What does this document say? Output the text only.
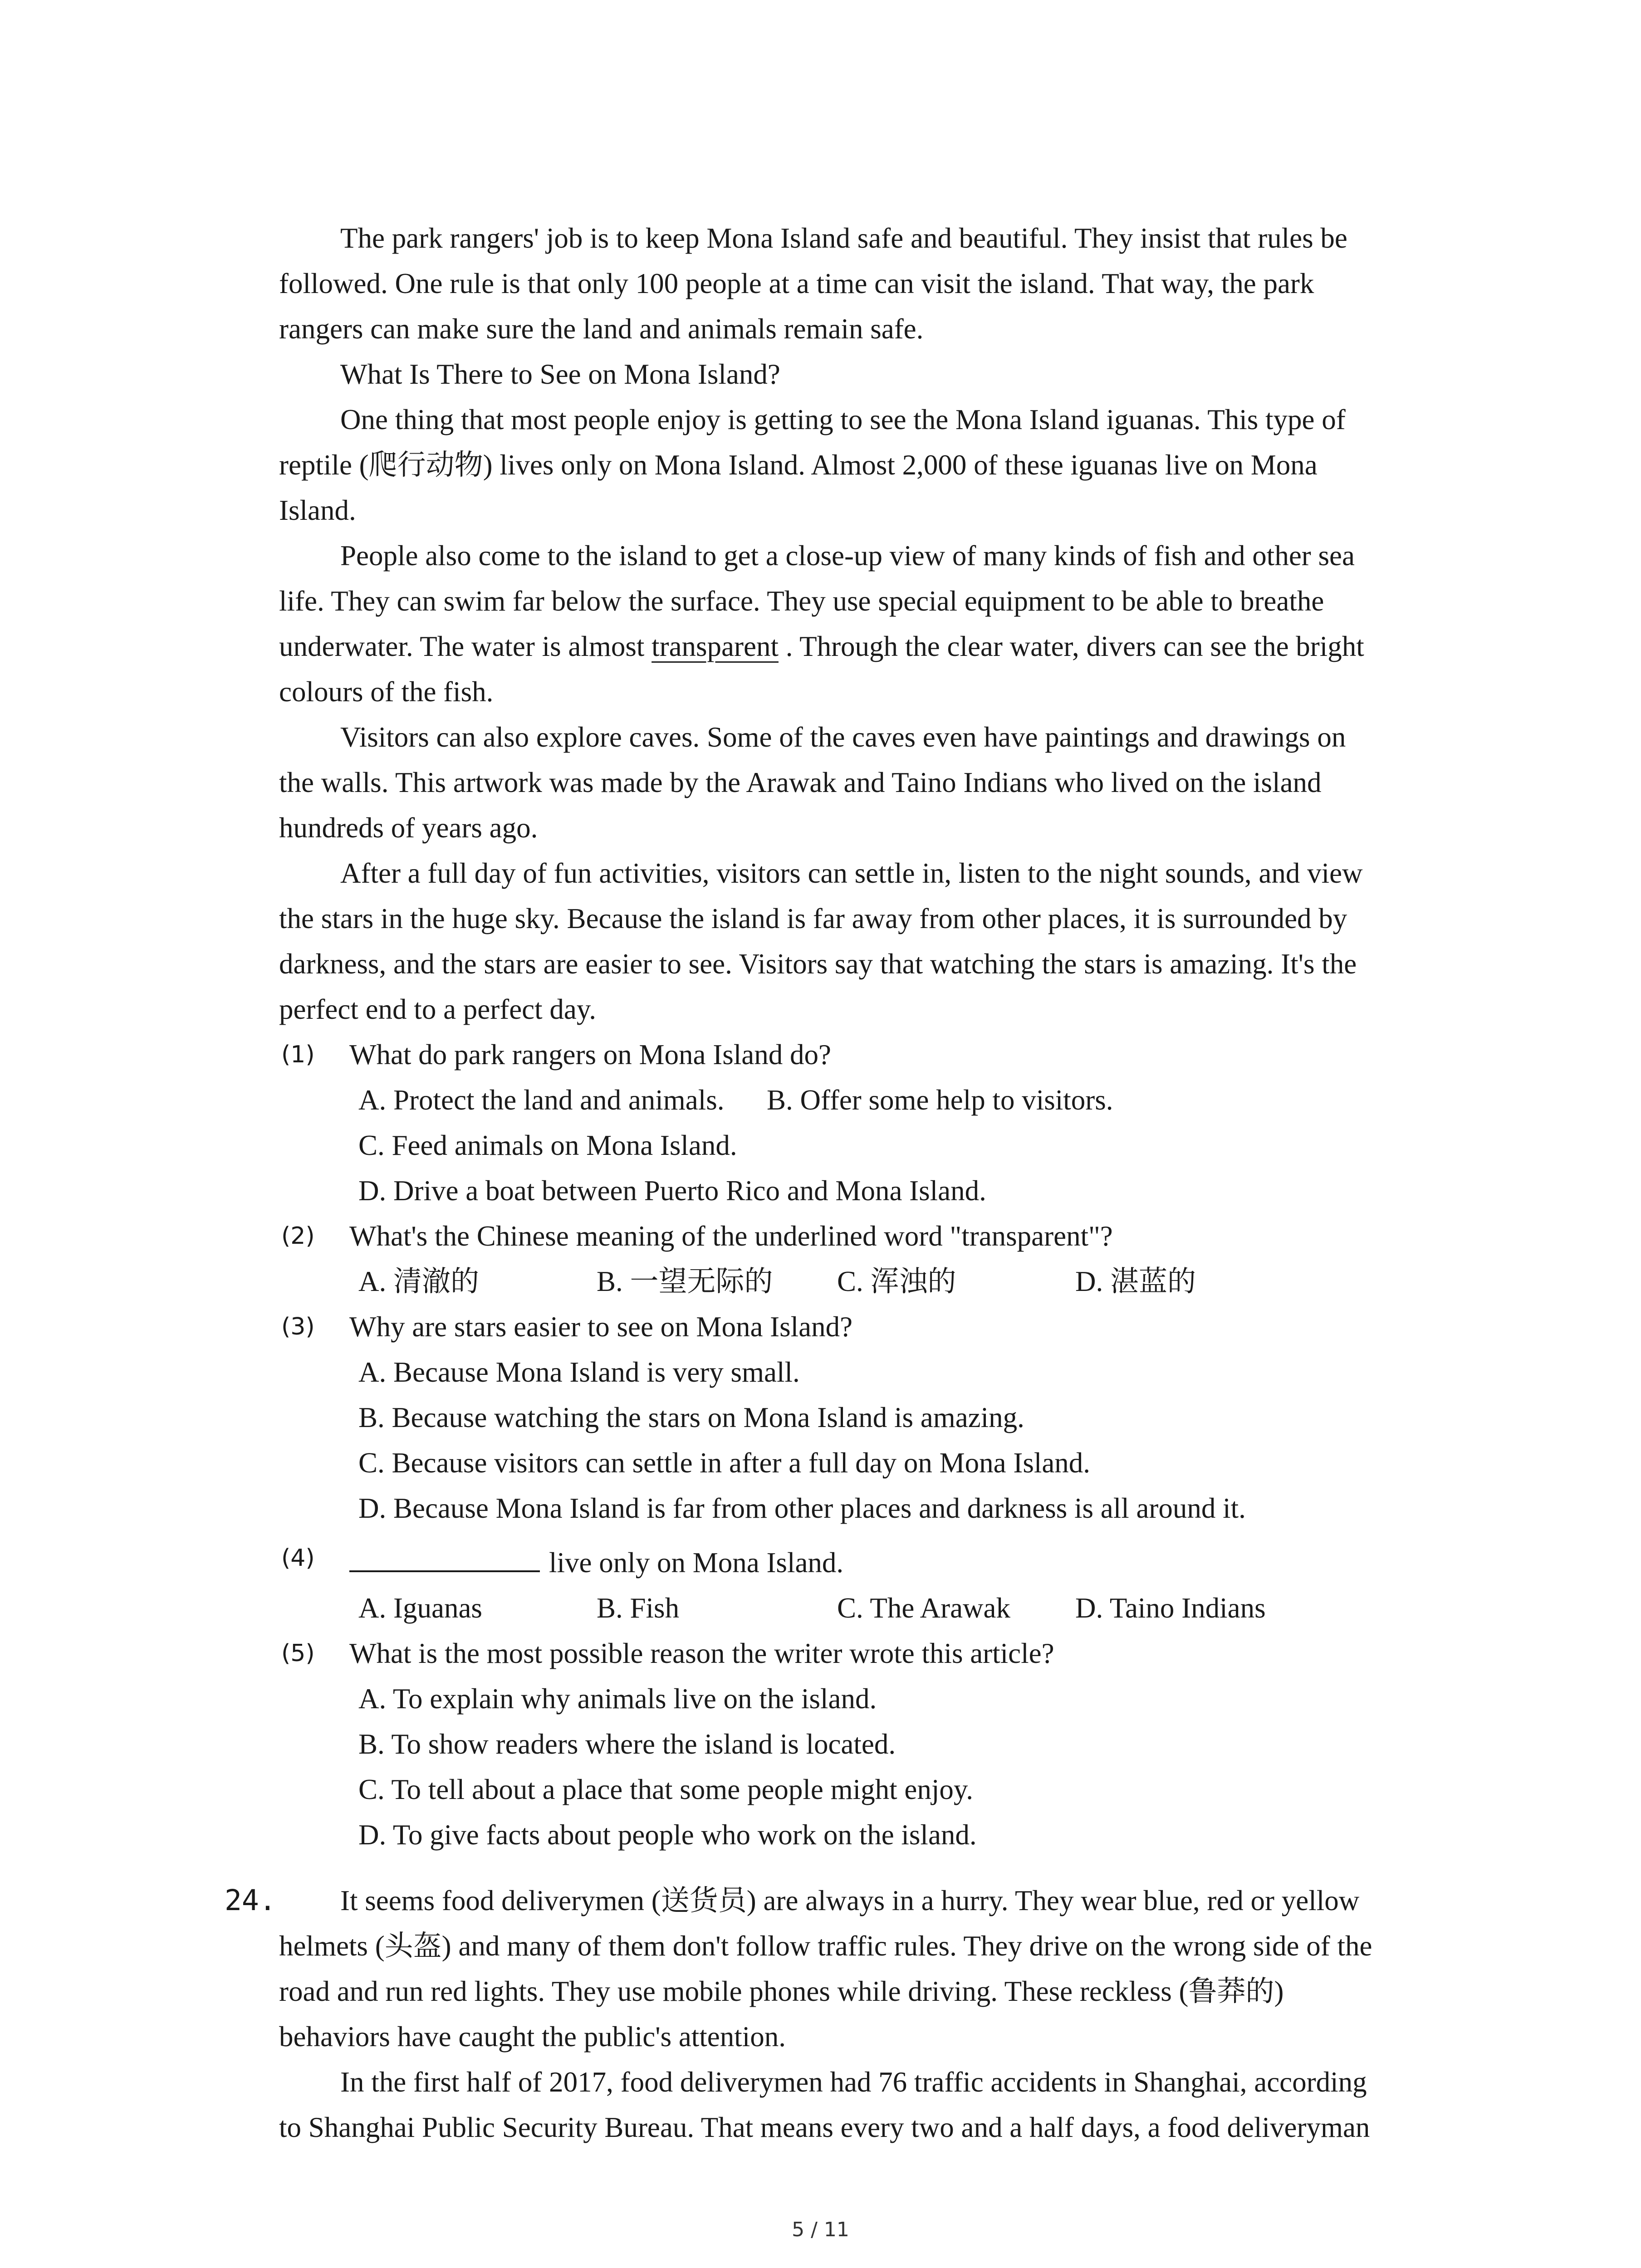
The park rangers' job is to keep Mona Island safe and beautiful. They insist that rules be
followed. One rule is that only 100 people at a time can visit the island. That way, the park
rangers can make sure the land and animals remain safe.
What Is There to See on Mona Island?
One thing that most people enjoy is getting to see the Mona Island iguanas. This type of
reptile (爬行动物) lives only on Mona Island. Almost 2,000 of these iguanas live on Mona
Island.
People also come to the island to get a close-up view of many kinds of fish and other sea
life. They can swim far below the surface. They use special equipment to be able to breathe
underwater. The water is almost transparent . Through the clear water, divers can see the bright
colours of the fish.
Visitors can also explore caves. Some of the caves even have paintings and drawings on
the walls. This artwork was made by the Arawak and Taino Indians who lived on the island
hundreds of years ago.
After a full day of fun activities, visitors can settle in, listen to the night sounds, and view
the stars in the huge sky. Because the island is far away from other places, it is surrounded by
darkness, and the stars are easier to see. Visitors say that watching the stars is amazing. It's the
perfect end to a perfect day.
(1) What do park rangers on Mona Island do?
A. Protect the land and animals. B. Offer some help to visitors.
C. Feed animals on Mona Island.
D. Drive a boat between Puerto Rico and Mona Island.
(2) What's the Chinese meaning of the underlined word "transparent"?
A. 清澈的	B. 一望无际的 C. 浑浊的	D. 湛蓝的
(3) Why are stars easier to see on Mona Island?
A. Because Mona Island is very small.
B. Because watching the stars on Mona Island is amazing.
C. Because visitors can settle in after a full day on Mona Island.
D. Because Mona Island is far from other places and darkness is all around it.
(4)	live only on Mona Island.
A. Iguanas	B. Fish	C. The Arawak D. Taino Indians
(5) What is the most possible reason the writer wrote this article?
A. To explain why animals live on the island.
B. To show readers where the island is located.
C. To tell about a place that some people might enjoy.
D. To give facts about people who work on the island.
24. It seems food deliverymen (送货员) are always in a hurry. They wear blue, red or yellow
helmets (头盔) and many of them don't follow traffic rules. They drive on the wrong side of the
road and run red lights. They use mobile phones while driving. These reckless (鲁莽的)
behaviors have caught the public's attention.
In the first half of 2017, food deliverymen had 76 traffic accidents in Shanghai, according
to Shanghai Public Security Bureau. That means every two and a half days, a food deliveryman
5 / 11
